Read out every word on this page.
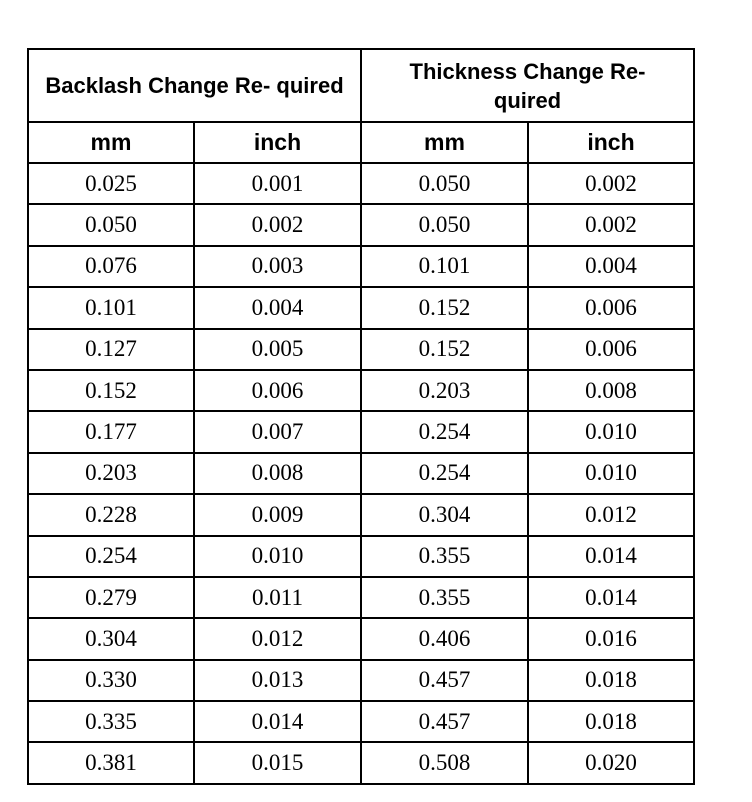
Backlash Change Re- quired		Thickness Change Re- quired	
mm	inch	mm	inch
0.025	0.001	0.050	0.002
0.050	0.002	0.050	0.002
0.076	0.003	0.101	0.004
0.101	0.004	0.152	0.006
0.127	0.005	0.152	0.006
0.152	0.006	0.203	0.008
0.177	0.007	0.254	0.010
0.203	0.008	0.254	0.010
0.228	0.009	0.304	0.012
0.254	0.010	0.355	0.014
0.279	0.011	0.355	0.014
0.304	0.012	0.406	0.016
0.330	0.013	0.457	0.018
0.335	0.014	0.457	0.018
0.381	0.015	0.508	0.020
